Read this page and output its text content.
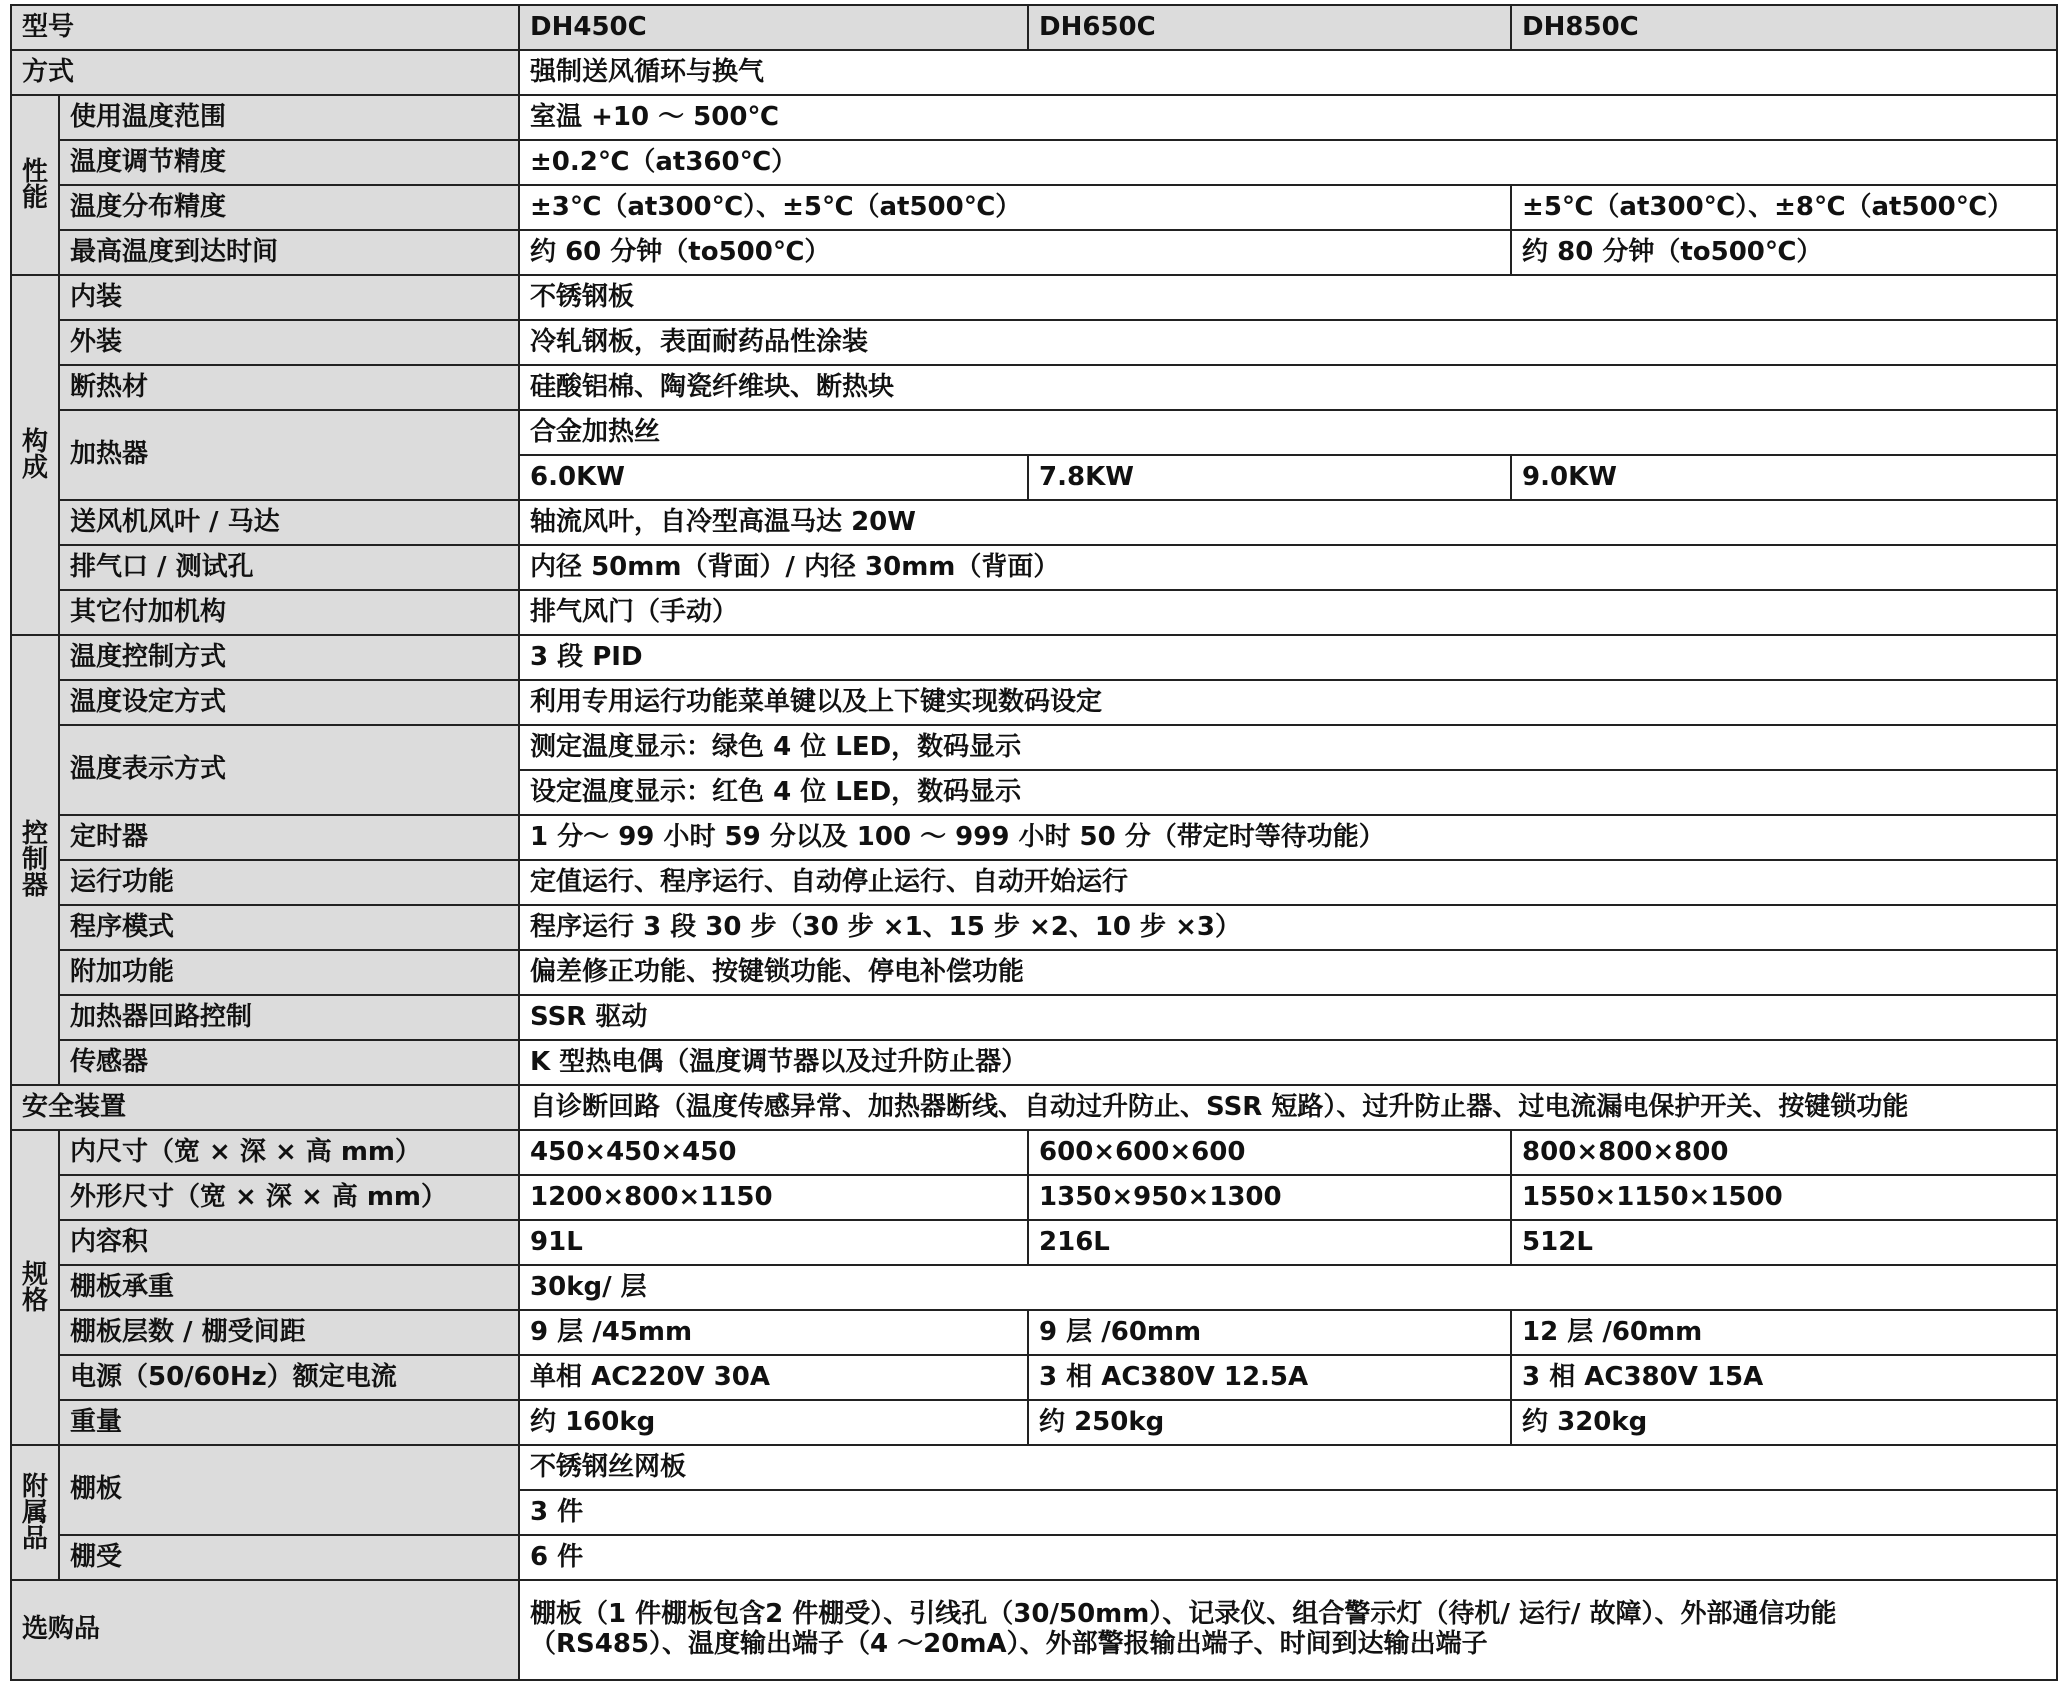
型号		DH450C	DH650C	DH850C
方式		强制送风循环与换气		

性能	使用温度范围	室温 +10 ～ 500℃		
	温度调节精度	±0.2℃（at360℃）		
	温度分布精度	±3℃（at300℃）、±5℃（at500℃）		±5℃（at300℃）、±8℃（at500℃）
	最高温度到达时间	约 60 分钟（to500℃）		约 80 分钟（to500℃）

构成	内装	不锈钢板		
	外装	冷轧钢板，表面耐药品性涂装		
	断热材	硅酸铝棉、陶瓷纤维块、断热块		
	加热器	合金加热丝		
		6.0KW	7.8KW	9.0KW
	送风机风叶 / 马达	轴流风叶，自冷型高温马达 20W		
	排气口 / 测试孔	内径 50mm（背面）/ 内径 30mm（背面）		
	其它付加机构	排气风门（手动）		

控制器	温度控制方式	3 段 PID		
	温度设定方式	利用专用运行功能菜单键以及上下键实现数码设定		
	温度表示方式	测定温度显示：绿色 4 位 LED，数码显示		
		设定温度显示：红色 4 位 LED，数码显示		
	定时器	1 分～ 99 小时 59 分以及 100 ～ 999 小时 50 分（带定时等待功能）		
	运行功能	定值运行、程序运行、自动停止运行、自动开始运行		
	程序模式	程序运行 3 段 30 步（30 步 ×1、15 步 ×2、10 步 ×3）		
	附加功能	偏差修正功能、按键锁功能、停电补偿功能		
	加热器回路控制	SSR 驱动		
	传感器	K 型热电偶（温度调节器以及过升防止器）		
安全装置		自诊断回路（温度传感异常、加热器断线、自动过升防止、SSR 短路）、过升防止器、过电流漏电保护开关、按键锁功能		

规格	内尺寸（宽 × 深 × 高 mm）	450×450×450	600×600×600	800×800×800
	外形尺寸（宽 × 深 × 高 mm）	1200×800×1150	1350×950×1300	1550×1150×1500
	内容积	91L	216L	512L
	棚板承重	30kg/ 层		
	棚板层数 / 棚受间距	9 层 /45mm	9 层 /60mm	12 层 /60mm
	电源（50/60Hz）额定电流	单相 AC220V 30A	3 相 AC380V 12.5A	3 相 AC380V 15A
	重量	约 160kg	约 250kg	约 320kg

附属品	棚板	不锈钢丝网板		
		3 件		
	棚受	6 件		
选购品		棚板（1 件棚板包含2 件棚受）、引线孔（30/50mm）、记录仪、组合警示灯（待机/ 运行/ 故障）、外部通信功能
（RS485）、温度输出端子（4 ～20mA）、外部警报输出端子、时间到达输出端子		
